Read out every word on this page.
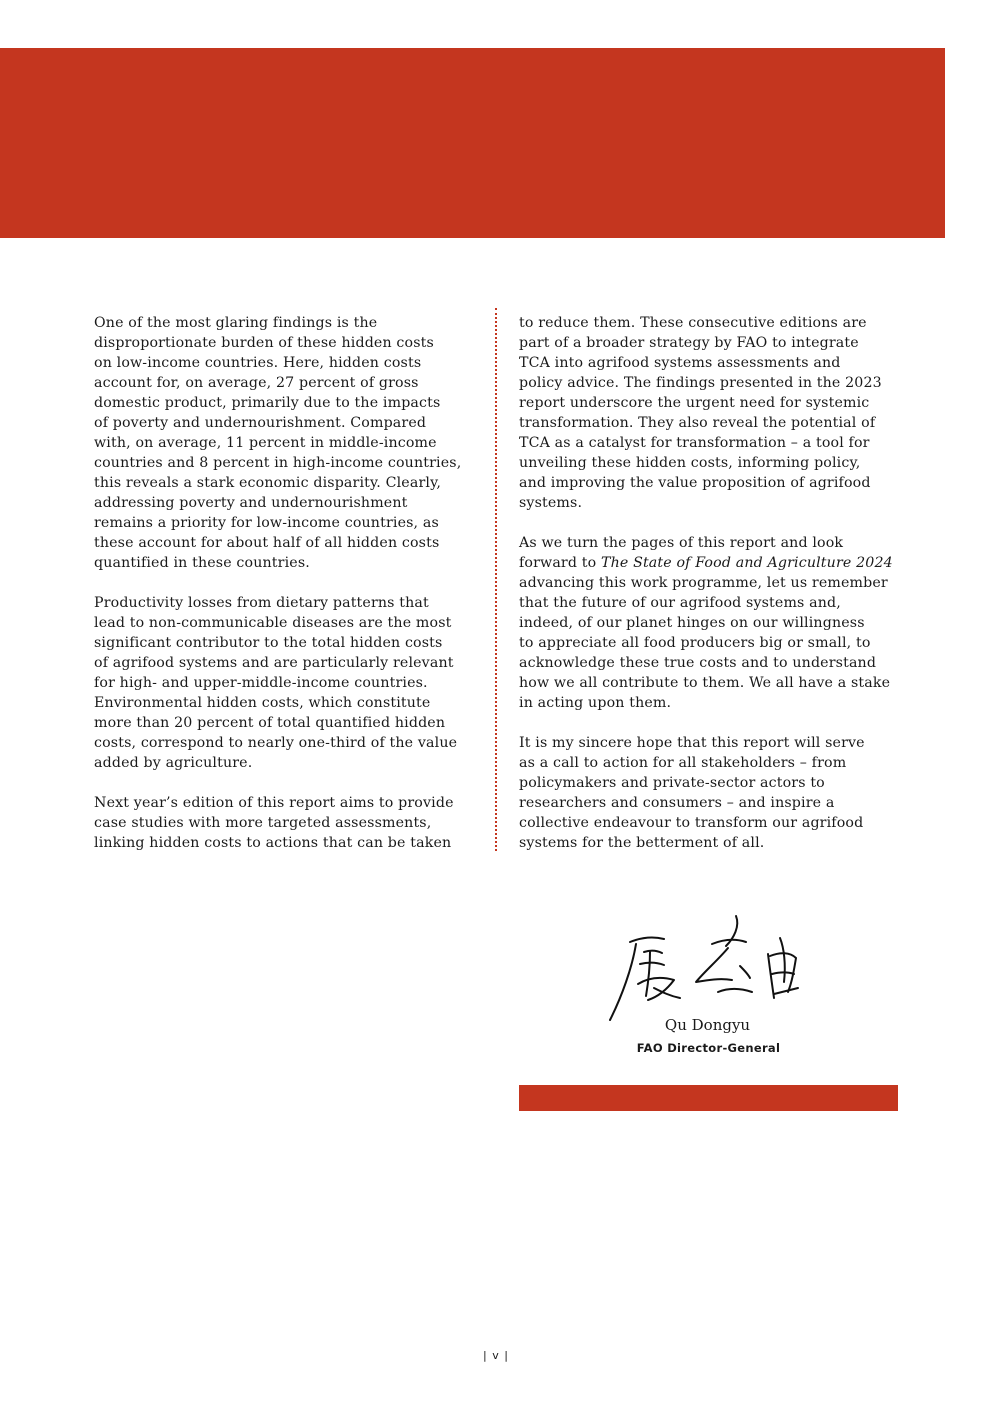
One of the most glaring findings is the
disproportionate burden of these hidden costs
on low-income countries. Here, hidden costs
account for, on average, 27 percent of gross
domestic product, primarily due to the impacts
of poverty and undernourishment. Compared
with, on average, 11 percent in middle-income
countries and 8 percent in high-income countries,
this reveals a stark economic disparity. Clearly,
addressing poverty and undernourishment
remains a priority for low-income countries, as
these account for about half of all hidden costs
quantified in these countries.

Productivity losses from dietary patterns that
lead to non-communicable diseases are the most
significant contributor to the total hidden costs
of agrifood systems and are particularly relevant
for high- and upper-middle-income countries.
Environmental hidden costs, which constitute
more than 20 percent of total quantified hidden
costs, correspond to nearly one-third of the value
added by agriculture.

Next year’s edition of this report aims to provide
case studies with more targeted assessments,
linking hidden costs to actions that can be taken

to reduce them. These consecutive editions are
part of a broader strategy by FAO to integrate
TCA into agrifood systems assessments and
policy advice. The findings presented in the 2023
report underscore the urgent need for systemic
transformation. They also reveal the potential of
TCA as a catalyst for transformation – a tool for
unveiling these hidden costs, informing policy,
and improving the value proposition of agrifood
systems.

As we turn the pages of this report and look
forward to The State of Food and Agriculture 2024
advancing this work programme, let us remember
that the future of our agrifood systems and,
indeed, of our planet hinges on our willingness
to appreciate all food producers big or small, to
acknowledge these true costs and to understand
how we all contribute to them. We all have a stake
in acting upon them.

It is my sincere hope that this report will serve
as a call to action for all stakeholders – from
policymakers and private-sector actors to
researchers and consumers – and inspire a
collective endeavour to transform our agrifood
systems for the betterment of all.

Qu Dongyu
FAO Director-General
| v |
